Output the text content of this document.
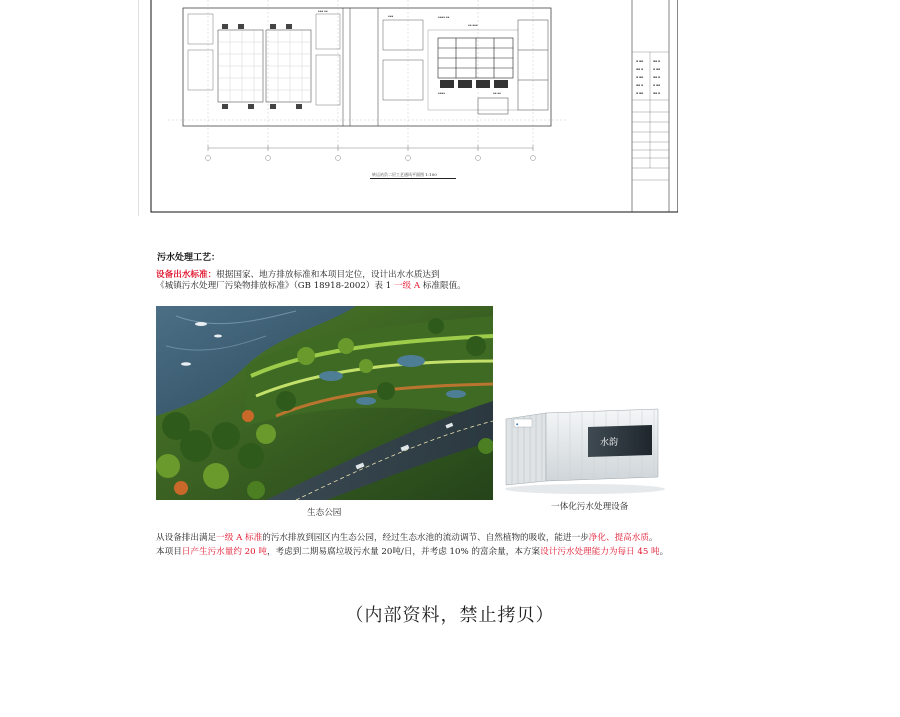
▪ ▪▪	▪▪ ▪
▪▪ ▪	▪ ▪▪
▪ ▪▪	▪▪ ▪
▪▪ ▪	▪ ▪▪
▪ ▪▪	▪▪ ▪
▪▪▪ ▪▪
▪▪▪▪ ▪▪
▪▪ ▪▪▪
▪▪▪▪	▪▪ ▪▪
▪▪▪
转运站负二层工艺通风平面图 1:100
污水处理工艺：
设备出水标准：根据国家、地方排放标准和本项目定位，设计出水水质达到
《城镇污水处理厂污染物排放标准》（GB 18918-2002）表 1 一级 A 标准限值。
生态公园
◆
水韵
一体化污水处理设备
从设备排出满足一级 A 标准的污水排放到园区内生态公园，经过生态水池的流动调节、自然植物的吸收，能进一步净化、提高水质。
本项目日产生污水量约 20 吨，考虑到二期易腐垃圾污水量 20吨/日，并考虑 10% 的富余量，本方案设计污水处理能力为每日 45 吨。
（内部资料，禁止拷贝）
